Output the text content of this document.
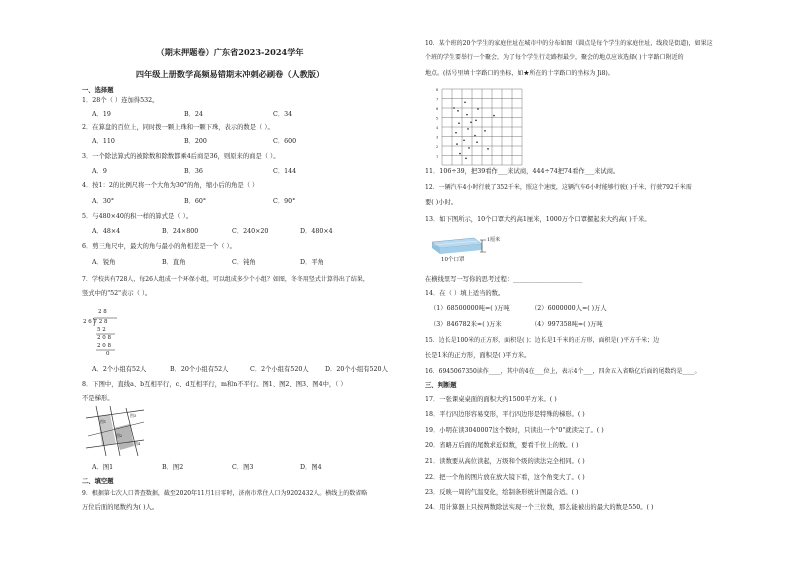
（期末押题卷）广东省2023-2024学年
四年级上册数学高频易错期末冲刺必刷卷（人教版）
一、选择题
1．28个（ ）连加得532。
A．19	B．24	C．34
2．在算盘的百位上，同时拨一颗上珠和一颗下珠，表示的数是（ ）。
A．110	B．200	C．600
3．一个除法算式的被除数和除数都乘4后商是36，则原来的商是（ ）。
A．9	B．36	C．144
4．按1：2的比例尺将一个大角为30°的角，缩小后的角是（ ）
A．30°	B．60°	C．90°
5．与480×40的积一样的算式是（ ）。
A．48×4	B．24×800	C．240×20	D．480×4
6．剪三角尺中，最大的角与最小的角相差是一个（ ）。
A．锐角	B．直角	C．钝角	D．平角
7．学校共有728人，每26人组成一个环保小组，可以组成多少个小组？如图，冬冬用竖式计算得出了结果，
竖式中的"52"表示（ ）。
2 8
2 6 7 2 8
5 2
2 0 8
2 0 8
0
A．2个小组有52人	B．20个小组有52人	C．2个小组有520人	D．20个小组有520人
8．下图中，直线a、b互相平行，c、d互相平行，m和n不平行。图1、图2、图3、图4中，（ ）
不是梯形。
图1
图2
图3
图4
A．图1	B．图2	C．图3	D．图4
二、填空题
9．根据第七次人口普查数据，截至2020年11月1日零时，济南市常住人口为9202432人。横线上的数省略
万位后面的尾数约为( )人。
10．某个班的20个学生的家庭住址在城市中的分布如图（圆点是每个学生的家庭住址，线段是街道)，如果这
个班的学生要举行一个聚会，为了每个学生行走路程最少，聚会的地点应该选择( )十字路口附近的
地点。(括号里填十字路口的坐标，如★所在的十字路口的坐标为 Ji8)。
8
7
6
5
4
3
2
1
11．106÷39，把39看作___来试商，444÷74把74看作___来试商。
12．一辆汽车4小时行驶了352千米，照这个速度，这辆汽车6小时能够行驶( )千米，行驶792千米需
要( )小时。
13．如下图所示，10个口罩大约高1厘米，1000万个口罩摞起来大约高( )千米。
1厘米
10个口罩
在横线里写一写你的思考过程：______________________
14．在（ ）填上适当的数。
（1）68500000吨=( )万吨	（2）6000000人=( )万人
（3）846782米≈( )万米	（4）997358吨≈( )万吨
15．边长是100米的正方形，面积是( )；边长是1千米的正方形，面积是( )平方千米；边
长是1米的正方形，面积是( )平方米。
16．6945067350读作____，其中的4在___位上，表示4个___，四舍五入省略亿后面的尾数约是____。
三、判断题
17．一张课桌桌面的面积大约1500平方米。( )
18．平行四边形容易变形，平行四边形是特殊的梯形。( )
19．小明在读3040007这个数时，只读出一个"0"就读完了。( )
20．省略万后面的尾数求近似数，要看千位上的数。( )
21．读数要从高位读起，万级和个级的读法完全相同。( )
22．把一个角的图片放在放大镜下看，这个角变大了。( )
23．反映一周的气温变化，绘制条形统计图最合适。( )
24．用计算器上只按两数除法实现一个三位数，那么能被出的最大的数是550。( )
